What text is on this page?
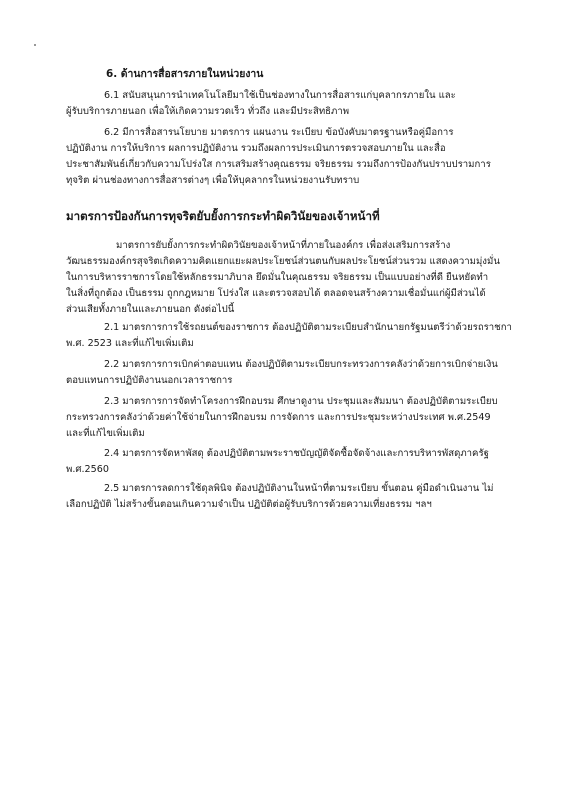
6. ด้านการสื่อสารภายในหน่วยงาน
6.1 สนับสนุนการนำเทคโนโลยีมาใช้เป็นช่องทางในการสื่อสารแก่บุคลากรภายใน และ
ผู้รับบริการภายนอก เพื่อให้เกิดความรวดเร็ว ทั่วถึง และมีประสิทธิภาพ
6.2 มีการสื่อสารนโยบาย มาตรการ แผนงาน ระเบียบ ข้อบังคับมาตรฐานหรือคู่มือการ
ปฏิบัติงาน การให้บริการ ผลการปฏิบัติงาน รวมถึงผลการประเมินการตรวจสอบภายใน และสื่อ
ประชาสัมพันธ์เกี่ยวกับความโปร่งใส การเสริมสร้างคุณธรรม จริยธรรม รวมถึงการป้องกันปราบปรามการ
ทุจริต ผ่านช่องทางการสื่อสารต่างๆ เพื่อให้บุคลากรในหน่วยงานรับทราบ
มาตรการป้องกันการทุจริตยับยั้งการกระทำผิดวินัยของเจ้าหน้าที่
มาตรการยับยั้งการกระทำผิดวินัยของเจ้าหน้าที่ภายในองค์กร เพื่อส่งเสริมการสร้าง
วัฒนธรรมองค์กรสุจริตเกิดความคิดแยกแยะผลประโยชน์ส่วนตนกับผลประโยชน์ส่วนรวม แสดงความมุ่งมั่น
ในการบริหารราชการโดยใช้หลักธรรมาภิบาล ยึดมั่นในคุณธรรม จริยธรรม เป็นแบบอย่างที่ดี ยืนหยัดทำ
ในสิ่งที่ถูกต้อง เป็นธรรม ถูกกฎหมาย โปร่งใส และตรวจสอบได้ ตลอดจนสร้างความเชื่อมั่นแก่ผู้มีส่วนได้
ส่วนเสียทั้งภายในและภายนอก ดังต่อไปนี้
2.1 มาตรการการใช้รถยนต์ของราชการ ต้องปฏิบัติตามระเบียบสำนักนายกรัฐมนตรีว่าด้วยรถราชกา
พ.ศ. 2523 และที่แก้ไขเพิ่มเติม
2.2 มาตรการการเบิกค่าตอบแทน ต้องปฏิบัติตามระเบียบกระทรวงการคลังว่าด้วยการเบิกจ่ายเงิน
ตอบแทนการปฏิบัติงานนอกเวลาราชการ
2.3 มาตรการการจัดทำโครงการฝึกอบรม ศึกษาดูงาน ประชุมและสัมมนา ต้องปฏิบัติตามระเบียบ
กระทรวงการคลังว่าด้วยค่าใช้จ่ายในการฝึกอบรม การจัดการ และการประชุมระหว่างประเทศ พ.ศ.2549
และที่แก้ไขเพิ่มเติม
2.4 มาตรการจัดหาพัสดุ ต้องปฏิบัติตามพระราชบัญญัติจัดซื้อจัดจ้างและการบริหารพัสดุภาครัฐ
พ.ศ.2560
2.5 มาตรการลดการใช้ดุลพินิจ ต้องปฏิบัติงานในหน้าที่ตามระเบียบ ขั้นตอน คู่มือดำเนินงาน ไม่
เลือกปฏิบัติ ไม่สร้างขั้นตอนเกินความจำเป็น ปฏิบัติต่อผู้รับบริการด้วยความเที่ยงธรรม ฯลฯ
